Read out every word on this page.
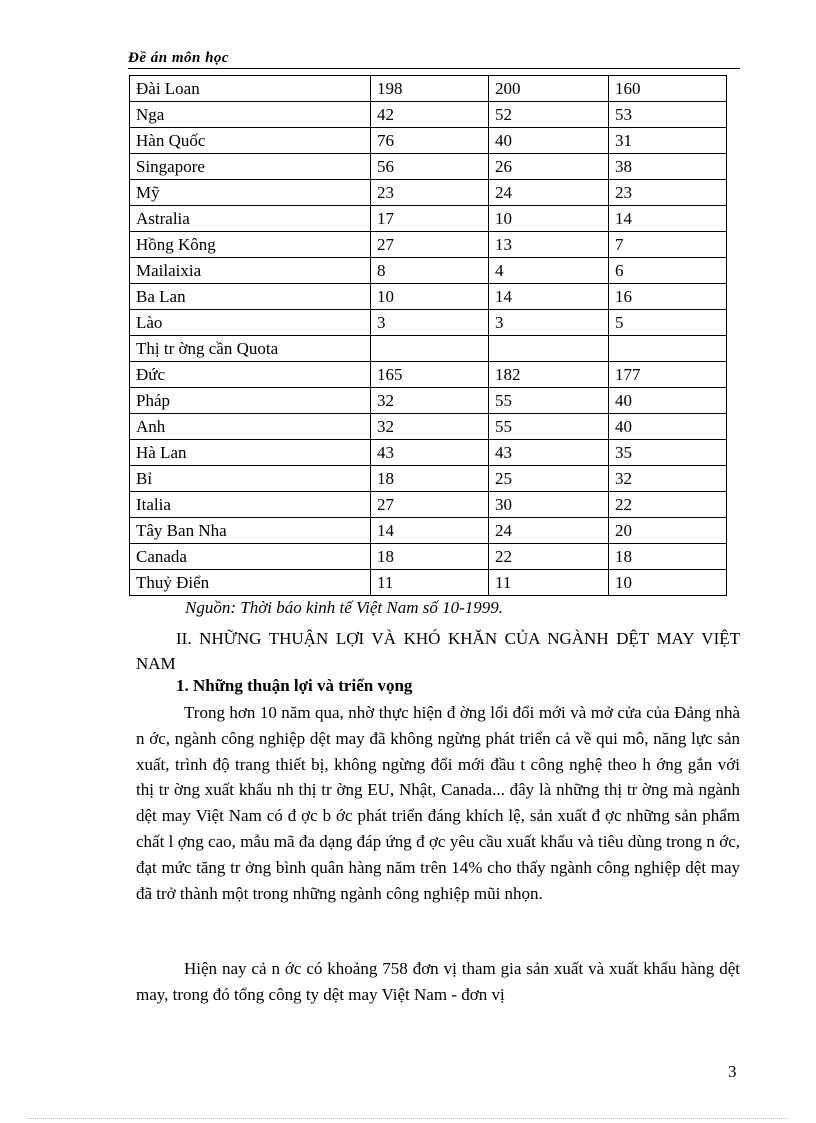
Đề án môn học
Đài Loan	198	200	160
Nga	42	52	53
Hàn Quốc	76	40	31
Singapore	56	26	38
Mỹ	23	24	23
Astralia	17	10	14
Hồng Kông	27	13	7
Mailaixia	8	4	6
Ba Lan	10	14	16
Lào	3	3	5
Thị tr ờng cần Quota			
Đức	165	182	177
Pháp	32	55	40
Anh	32	55	40
Hà Lan	43	43	35
Bỉ	18	25	32
Italia	27	30	22
Tây Ban Nha	14	24	20
Canada	18	22	18
Thuỷ Điển	11	11	10
Nguồn: Thời báo kinh tế Việt Nam số 10-1999.
II. NHỮNG THUẬN LỢI VÀ KHÓ KHĂN CỦA NGÀNH DỆT MAY VIỆT NAM
1. Những thuận lợi và triển vọng

Trong hơn 10 năm qua, nhờ thực hiện đ ờng lối đổi mới và mở cửa của Đảng nhà n ớc, ngành công nghiệp dệt may đã không ngừng phát triển cả về qui mô, năng lực sản xuất, trình độ trang thiết bị, không ngừng đổi mới đầu t công nghệ theo h ớng gắn với thị tr ờng xuất khẩu nh thị tr ờng EU, Nhật, Canada... đây là những thị tr ờng mà ngành dệt may Việt Nam có đ ợc b ớc phát triển đáng khích lệ, sản xuất đ ợc những sản phẩm chất l ợng cao, mẫu mã đa dạng đáp ứng đ ợc yêu cầu xuất khẩu và tiêu dùng trong n ớc, đạt mức tăng tr ởng bình quân hàng năm trên 14% cho thấy ngành công nghiệp dệt may đã trở thành một trong những ngành công nghiệp mũi nhọn.

Hiện nay cả n ớc có khoảng 758 đơn vị tham gia sản xuất và xuất khẩu hàng dệt may, trong đó tổng công ty dệt may Việt Nam - đơn vị

3
